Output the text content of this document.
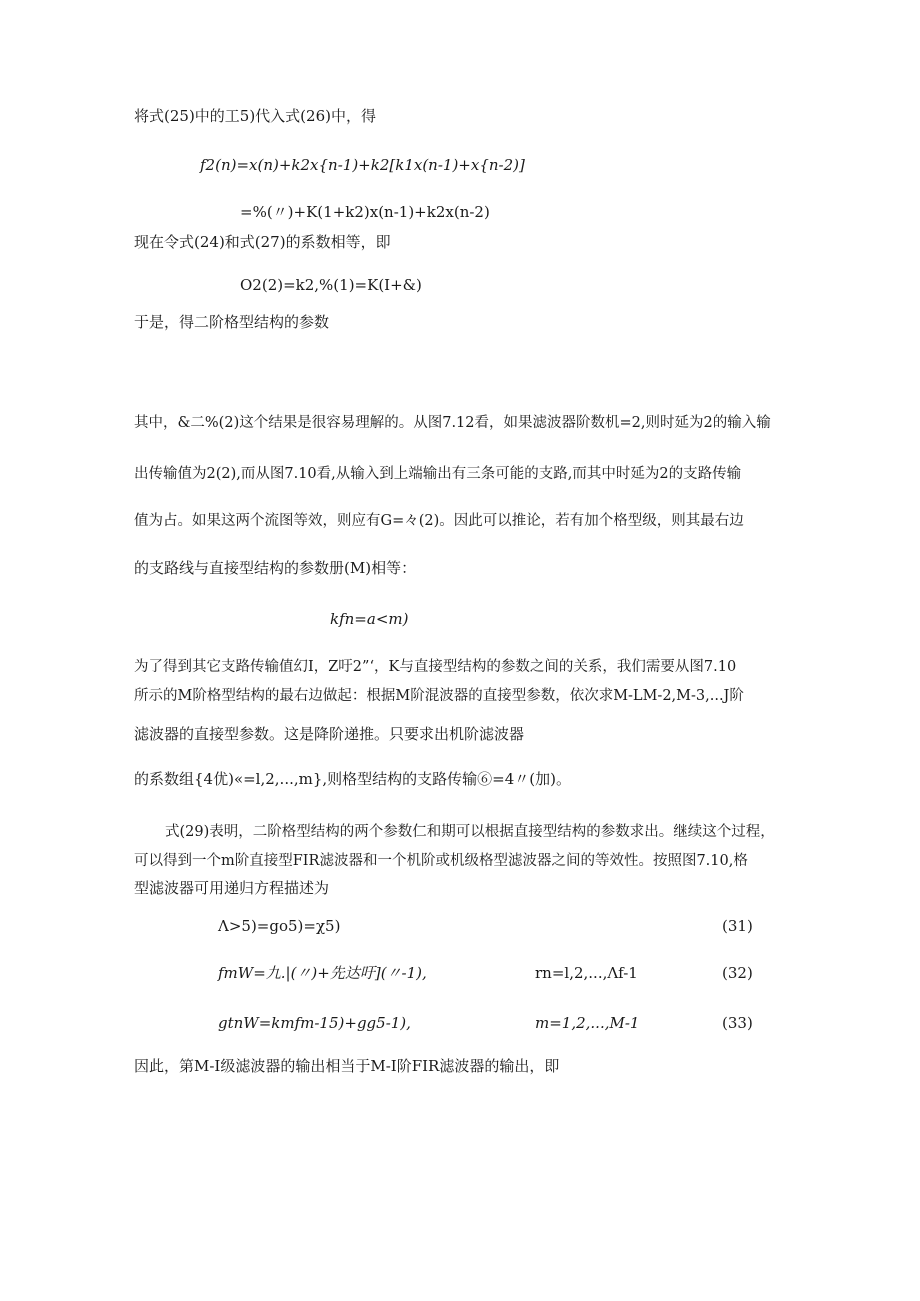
将式(25)中的工5)代入式(26)中，得
f2(n)=x(n)+k2x{n-1)+k2[k1x(n-1)+x{n-2)]
=%(〃)+K(1+k2)x(n-1)+k2x(n-2)
现在令式(24)和式(27)的系数相等，即
O2(2)=k2,%(1)=K(I+&)
于是，得二阶格型结构的参数
其中，&二%(2)这个结果是很容易理解的。从图7.12看，如果滤波器阶数机=2,则时延为2的输入输
出传输值为2(2),而从图7.10看,从输入到上端输出有三条可能的支路,而其中时延为2的支路传输
值为占。如果这两个流图等效，则应有G=々(2)。因此可以推论，若有加个格型级，则其最右边
的支路线与直接型结构的参数册(M)相等：
kfn=a<m)
为了得到其它支路传输值幻I，Z吁2”‘，K与直接型结构的参数之间的关系，我们需要从图7.10
所示的M阶格型结构的最右边做起：根据M阶混波器的直接型参数，依次求M-LM-2,M-3,...J阶
滤波器的直接型参数。这是降阶递推。只要求出机阶滤波器
的系数组{4优)«=l,2,...,m},则格型结构的支路传输⑥=4〃(加)。
式(29)表明，二阶格型结构的两个参数仁和期可以根据直接型结构的参数求出。继续这个过程，
可以得到一个m阶直接型FIR滤波器和一个机阶或机级格型滤波器之间的等效性。按照图7.10,格
型滤波器可用递归方程描述为
Λ>5)=go5)=χ5)	(31)
fmW=九.|(〃)+先达吁](〃-1),	rn=l,2,...,Λf-1	(32)
gtnW=kmfm-15)+gg5-1),	m=1,2,...,M-1	(33)
因此，第M-I级滤波器的输出相当于M-I阶FIR滤波器的输出，即
